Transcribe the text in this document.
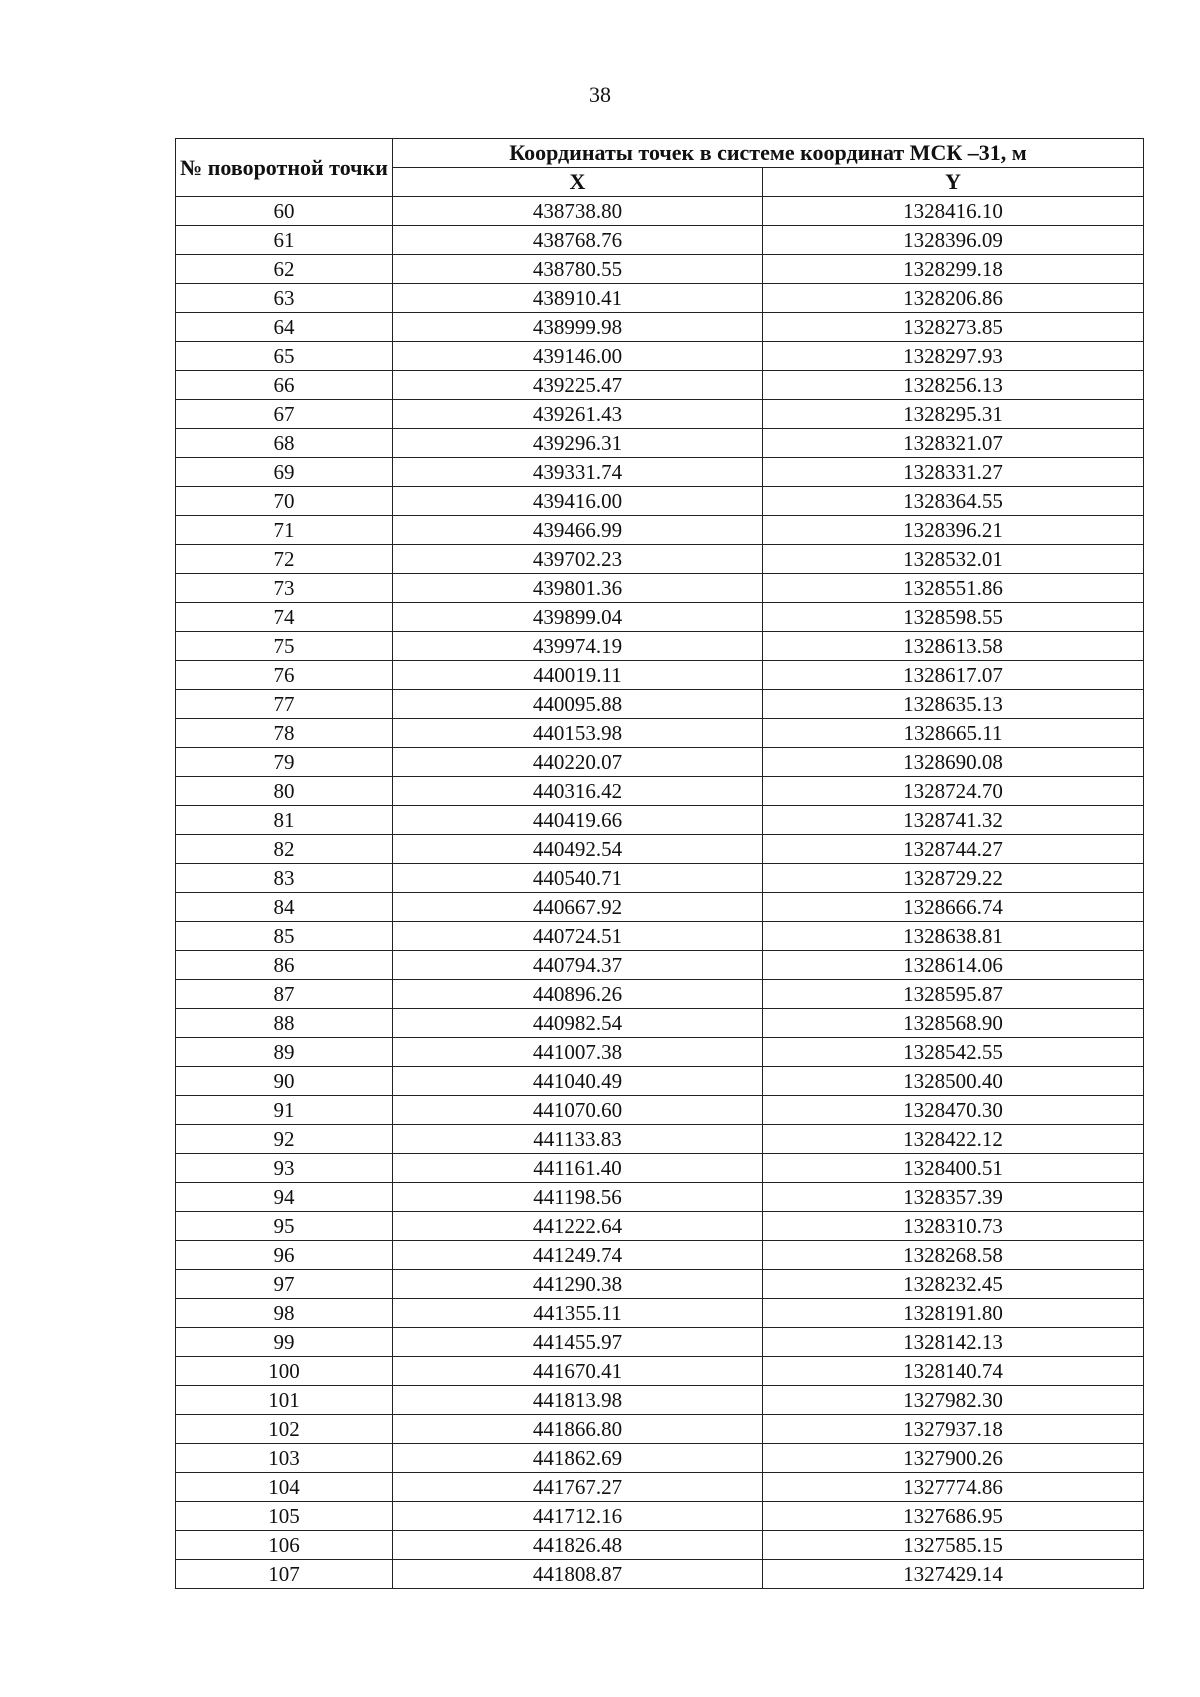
38
№ поворотной точки	Координаты точек в системе координат МСК –31, м	
	X	Y
60	438738.80	1328416.10
61	438768.76	1328396.09
62	438780.55	1328299.18
63	438910.41	1328206.86
64	438999.98	1328273.85
65	439146.00	1328297.93
66	439225.47	1328256.13
67	439261.43	1328295.31
68	439296.31	1328321.07
69	439331.74	1328331.27
70	439416.00	1328364.55
71	439466.99	1328396.21
72	439702.23	1328532.01
73	439801.36	1328551.86
74	439899.04	1328598.55
75	439974.19	1328613.58
76	440019.11	1328617.07
77	440095.88	1328635.13
78	440153.98	1328665.11
79	440220.07	1328690.08
80	440316.42	1328724.70
81	440419.66	1328741.32
82	440492.54	1328744.27
83	440540.71	1328729.22
84	440667.92	1328666.74
85	440724.51	1328638.81
86	440794.37	1328614.06
87	440896.26	1328595.87
88	440982.54	1328568.90
89	441007.38	1328542.55
90	441040.49	1328500.40
91	441070.60	1328470.30
92	441133.83	1328422.12
93	441161.40	1328400.51
94	441198.56	1328357.39
95	441222.64	1328310.73
96	441249.74	1328268.58
97	441290.38	1328232.45
98	441355.11	1328191.80
99	441455.97	1328142.13
100	441670.41	1328140.74
101	441813.98	1327982.30
102	441866.80	1327937.18
103	441862.69	1327900.26
104	441767.27	1327774.86
105	441712.16	1327686.95
106	441826.48	1327585.15
107	441808.87	1327429.14
